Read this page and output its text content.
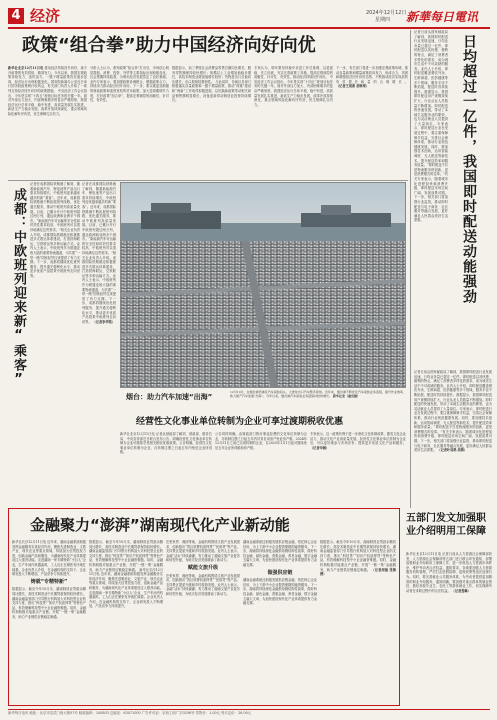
4 经济	2024年12月12日
星期四 新華每日電讯
政策“组合拳”助力中国经济向好向优
新华社北京12月11日电 推动经济持续回升向好，离不开政策的有效供给、精准发力。今年以来，我国宏观政策持续发力、适时加力，一揽子增量政策效应逐步显现，经济运行出现积极变化。国务院新闻办公室近日举行国务院政策例行吹风会，有关部门负责人介绍了一系列支持经济回升向好的政策措施。 中央经济工作会议指出，今年是实现“十四五”规划目标任务的关键一年。面对外部压力加大、内部困难增多的复杂严峻形势，我国经济运行总体平稳、稳中有进，高质量发展扎实推进，新质生产力稳步发展，改革开放持续深化，重点领域风险化解有序有效，民生保障扎实有力。
分析人士认为，系列政策“组合拳”打出后，市场信心明显提振，消费、投资、外贸等主要指标出现积极变化，社会预期持续改善，为明年经济发展奠定了良好基础。 业内专家表示，要加强政策协调配合，增强政策合力，持续用力推动经济回升向好。下一步，要实施更加积极的财政政策和适度宽松的货币政策，加大逆周期调节力度，打好政策“组合拳”，提高宏观调控的前瞻性、针对性、有效性。
数据显示，前三季度社会消费品零售总额同比增长，服务零售额保持较快增长；规模以上工业增加值稳步增长，高技术制造业增加值增长较快；货物进出口总值同比增长，出口展现较强韧性。 与此同时，各地区各部门积极落实存量政策和一揽子增量政策，推动“两重”建设和“两新”工作取得积极进展，以旧换新政策带动相关商品销售额明显增长，设备更新带动制造业投资持续增长。
专家认为，明年要坚持稳中求进工作总基调，以进促稳、先立后破，充实完善政策工具箱，提高宏观调控的前瞻性、针对性、有效性，推动经济持续回升向好。 中央经济工作会议指出，今年是实现“十四五”规划目标任务的关键一年。面对外部压力加大、内部困难增多的复杂严峻形势，我国经济运行总体平稳、稳中有进，高质量发展扎实推进，新质生产力稳步发展，改革开放持续深化，重点领域风险化解有序有效，民生保障扎实有力。
下一步，有关部门将进一步加强宏观政策协调，推动存量政策和增量政策同向发力、形成合力，巩固和增强经济回升向好态势，不断推动经济实现质的有效提升和量的合理增长。 （记者王雨萧 胡林果）
成都：中欧班列迎来新“乘客”
记者在成都国际铁路港了解到，随着新能源汽车、锂电池等产品出口需求持续增长，中欧班列迎来越来越多的新“乘客”。近年来，成都国际铁路港不断拓展班列线路，优化通关服务，推动中欧班列高质量发展。目前，已累计开行中欧班列超过两万列，通达欧洲和亚洲多个城市。“新能源汽车对运输的安全性和时效性要求较高，中欧班列可以很好地满足这些需求。”相关企业负责人介绍。成都国际铁路港还积极推进多式联运体系建设，打造铁海联运、空铁联运等多种运输方式。业内人士表示，中欧班列作为联通亚欧大陆的重要物流通道，为共建“一带一路”国家经贸往来提供了有力支撑。下一步，成都将继续优化班列服务，提升通关便利化水平，推动更多优质产品搭乘中欧班列走向世界。
记者在成都国际铁路港了解到，随着新能源汽车、锂电池等产品出口需求持续增长，中欧班列迎来越来越多的新“乘客”。近年来，成都国际铁路港不断拓展班列线路，优化通关服务，推动中欧班列高质量发展。目前，已累计开行中欧班列超过两万列，通达欧洲和亚洲多个城市。“新能源汽车对运输的安全性和时效性要求较高，中欧班列可以很好地满足这些需求。”相关企业负责人介绍。成都国际铁路港还积极推进多式联运体系建设，打造铁海联运、空铁联运等多种运输方式。业内人士表示，中欧班列作为联通亚欧大陆的重要物流通道，为共建“一带一路”国家经贸往来提供了有力支撑。下一步，成都将继续优化班列服务，提升通关便利化水平，推动更多优质产品搭乘中欧班列走向世界。 （记者李华梁）
烟台：助力汽车加速“出海”
12月10日，在烟台港西港区汽车滚装码头，大批待出口汽车整齐停放。近年来，烟台港不断优化汽车滚装业务流程，提升作业效率，助力国产汽车加速“出海”。今年以来，烟台港汽车滚装业务量保持较快增长。 新华社发（唐克摄）
经营性文化事业单位转制为企业可享过渡期税收优惠
新华社北京12月11日电 记者从财政部了解到，财政部、税务总局、中央宣传部近日联合发布公告，明确经营性文化事业单位转制为企业可继续享受相关税收优惠政策。公告明确，经营性文化事业单位转制为企业，自转制注册之日起五年内免征企业所得税。
公告同时明确，由财政部门拨付事业经费的文化单位转制为企业，自转制注册之日起五年内对其自用房产免征房产税。2024年12月31日之前已完成转制的企业，自2025年1月1日起可继续免征五年企业所得税和房产税。
专家表示，这一政策有利于进一步深化文化体制改革，激发文化企业活力，推动文化产业高质量发展。经营性文化事业单位转制为企业后，可以更好地参与市场竞争，提供更多优质文化产品和服务。 （记者申铖）
记者日前从国家邮政局了解到，我国即时配送行业发展迅速，日均业务量已超过一亿件。即时配送以其快捷、便利的特点，满足了消费者多样化的需求，成为城市生活中不可或缺的服务。业内人士介绍，即时配送覆盖餐饮外卖、生鲜商超、医药健康等多个领域，服务半径不断拓展，配送时效持续提升。数据显示，我国即时配送用户规模持续扩大，行业从业人员数量不断增加。即时配送的快速发展，带动了本地生活服务业的繁荣，也为灵活就业人员提供了大量岗位。专家表示，即时配送行业在发展过程中，要注重保障骑手权益，完善社会保障体系，推动行业规范健康发展。同时，要加强技术创新，运用智能调度、无人配送等新技术，提升配送效率和服务质量。“即时配送不仅是物流服务的创新，更是消费模式的变革。”有关专家表示，随着城市化进程加快和消费升级，即时配送市场空间广阔，发展前景可期。下一步，相关部门将加强行业监管，推动即时配送与电子商务、社区服务等融合发展，更好满足人民群众美好生活需要。	日均超过一亿件，我国即时配送动能强劲
记者日前从国家邮政局了解到，我国即时配送行业发展迅速，日均业务量已超过一亿件。即时配送以其快捷、便利的特点，满足了消费者多样化的需求，成为城市生活中不可或缺的服务。业内人士介绍，即时配送覆盖餐饮外卖、生鲜商超、医药健康等多个领域，服务半径不断拓展，配送时效持续提升。数据显示，我国即时配送用户规模持续扩大，行业从业人员数量不断增加。即时配送的快速发展，带动了本地生活服务业的繁荣，也为灵活就业人员提供了大量岗位。专家表示，即时配送行业在发展过程中，要注重保障骑手权益，完善社会保障体系，推动行业规范健康发展。同时，要加强技术创新，运用智能调度、无人配送等新技术，提升配送效率和服务质量。“即时配送不仅是物流服务的创新，更是消费模式的变革。”有关专家表示，随着城市化进程加快和消费升级，即时配送市场空间广阔，发展前景可期。下一步，相关部门将加强行业监管，推动即时配送与电子商务、社区服务等融合发展，更好满足人民群众美好生活需要。 （记者叶昊鸣 周圆）
金融聚力“澎湃”湖南现代化产业新动能
新华社长沙12月11日电 近年来，湖南金融系统积极发挥金融服务实体经济作用，聚焦先进制造业、文旅产业、现代农业等重点领域，持续加大信贷投放力度，创新金融产品和服务，为湖南现代化产业体系建设注入强劲动能。走进湖南一家专精特新“小巨人”企业，生产车间内机器轰鸣，工人们正在紧张有序地忙碌着。企业负责人介绍，在金融机构的支持下，企业研发投入不断增加，产品竞争力持续提升。
铸就“专精特新”
数据显示，截至今年10月末，湖南制造业贷款余额同比增长，高技术制造业中长期贷款保持较快增长。湖南金融监管部门引导银行机构加大对科技型企业的支持力度，推出“科技贷”“知识产权质押贷”等特色产品，有效缓解科技型中小企业融资难题。同时，金融机构积极对接重点产业链，开展“一链一策”金融服务，助力产业链供应链稳定畅通。
数据显示，截至今年10月末，湖南制造业贷款余额同比增长，高技术制造业中长期贷款保持较快增长。湖南金融监管部门引导银行机构加大对科技型企业的支持力度，推出“科技贷”“知识产权质押贷”等特色产品，有效缓解科技型中小企业融资难题。同时，金融机构积极对接重点产业链，开展“一链一策”金融服务，助力产业链供应链稳定畅通。 新华社长沙12月11日电 近年来，湖南金融系统积极发挥金融服务实体经济作用，聚焦先进制造业、文旅产业、现代农业等重点领域，持续加大信贷投放力度，创新金融产品和服务，为湖南现代化产业体系建设注入强劲动能。走进湖南一家专精特新“小巨人”企业，生产车间内机器轰鸣，工人们正在紧张有序地忙碌着。企业负责人介绍，在金融机构的支持下，企业研发投入不断增加，产品竞争力持续提升。
在张家界、湘西等地，金融机构围绕文旅产业发展需求，创新推出“景区收费权质押贷”“民宿贷”等产品，支持景区提质升级和乡村旅游发展。业内人士表示，金融“活水”持续滴灌，有力推动了湖南文旅产业复苏和转型升级，为地方经济发展增添了新动力。
赋能文旅升级
在张家界、湘西等地，金融机构围绕文旅产业发展需求，创新推出“景区收费权质押贷”“民宿贷”等产品，支持景区提质升级和乡村旅游发展。业内人士表示，金融“活水”持续滴灌，有力推动了湖南文旅产业复苏和转型升级，为地方经济发展增添了新动力。
湖南金融系统还积极发展供应链金融，依托核心企业信用，为上下游中小企业提供便捷的融资服务。下一步，湖南将持续深化金融供给侧结构性改革，做好科技金融、绿色金融、普惠金融、养老金融、数字金融五篇大文章，为加快建设现代化产业体系提供有力金融支撑。
做强供应链
湖南金融系统还积极发展供应链金融，依托核心企业信用，为上下游中小企业提供便捷的融资服务。下一步，湖南将持续深化金融供给侧结构性改革，做好科技金融、绿色金融、普惠金融、养老金融、数字金融五篇大文章，为加快建设现代化产业体系提供有力金融支撑。
数据显示，截至今年10月末，湖南制造业贷款余额同比增长，高技术制造业中长期贷款保持较快增长。湖南金融监管部门引导银行机构加大对科技型企业的支持力度，推出“科技贷”“知识产权质押贷”等特色产品，有效缓解科技型中小企业融资难题。同时，金融机构积极对接重点产业链，开展“一链一策”金融服务，助力产业链供应链稳定畅通。 （记者周勉 张紫赟）
五部门发文加强职业介绍明用工保障
新华社北京12月11日电 记者日前从人力资源社会保障部获悉，人力资源社会保障部等五部门近日联合印发通知，部署加强职业介绍和用工保障工作，进一步规范人力资源市场秩序，维护劳动者合法权益。通知要求，各地要加强人力资源服务机构管理，严厉打击虚假招聘、违规收费等违法违规行为。同时，要完善就业公共服务体系，为劳动者提供更加精准的职业介绍服务。通知明确，要加强对重点群体的就业帮扶，做好高校毕业生、农民工等群体就业工作，切实保障劳动者在求职过程中的合法权益。 （记者姜琳）
新华每日电讯 地址：北京市宣武门西大街57号 邮政编码：100803 总编室：63071000 广告许可证：京西工商广字0256号 零售价：1.00元 每月定价：26.00元
